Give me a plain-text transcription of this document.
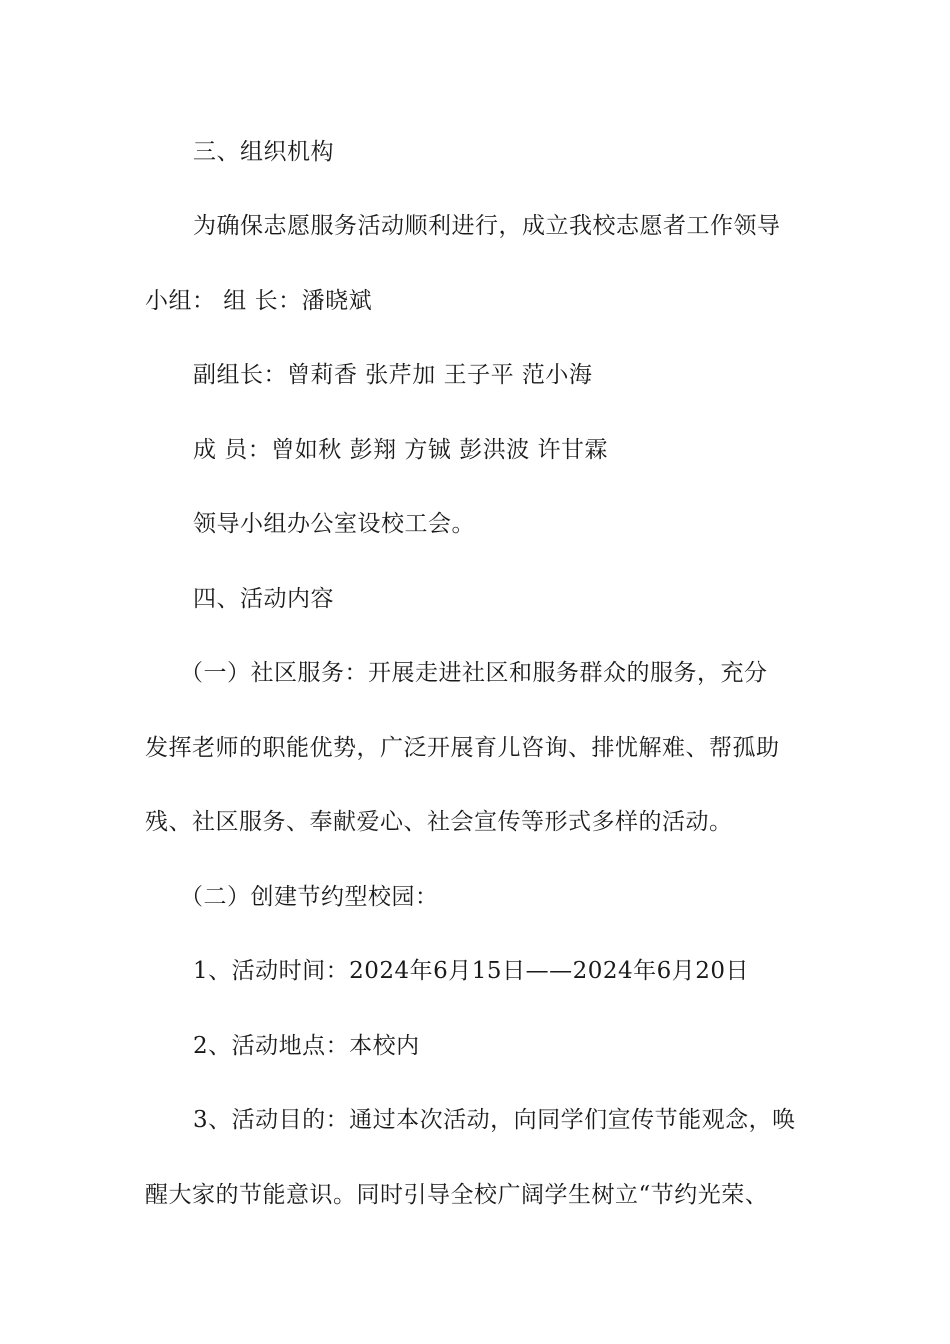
三、组织机构
为确保志愿服务活动顺利进行，成立我校志愿者工作领导
小组： 组 长：潘晓斌
副组长：曾莉香 张芹加 王子平 范小海
成 员：曾如秋 彭翔 方铖 彭洪波 许甘霖
领导小组办公室设校工会。
四、活动内容
（一）社区服务：开展走进社区和服务群众的服务，充分
发挥老师的职能优势，广泛开展育儿咨询、排忧解难、帮孤助
残、社区服务、奉献爱心、社会宣传等形式多样的活动。
（二）创建节约型校园：
1、活动时间：2024年6月15日——2024年6月20日
2、活动地点：本校内
3、活动目的：通过本次活动，向同学们宣传节能观念，唤
醒大家的节能意识。同时引导全校广阔学生树立“节约光荣、
